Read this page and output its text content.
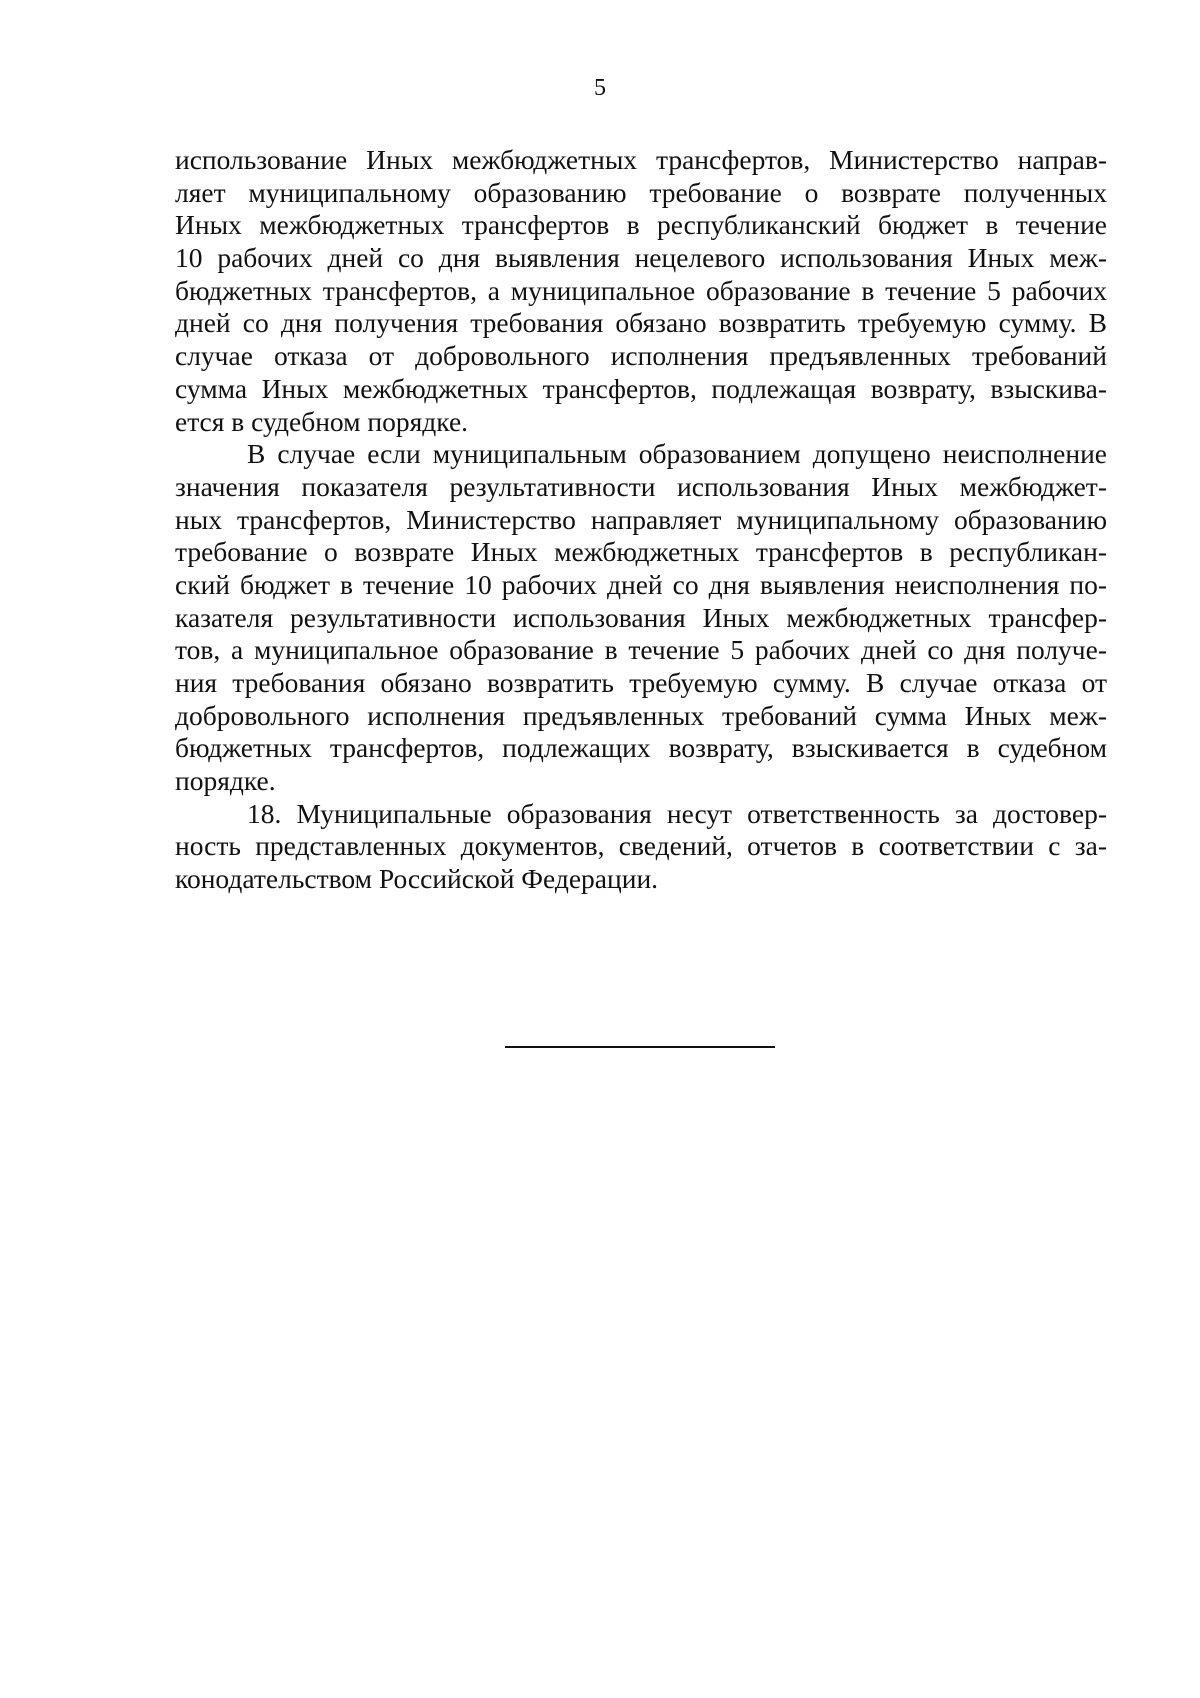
5
использование Иных межбюджетных трансфертов, Министерство направ-
ляет муниципальному образованию требование о возврате полученных
Иных межбюджетных трансфертов в республиканский бюджет в течение
10 рабочих дней со дня выявления нецелевого использования Иных меж-
бюджетных трансфертов, а муниципальное образование в течение 5 рабочих
дней со дня получения требования обязано возвратить требуемую сумму. В
случае отказа от добровольного исполнения предъявленных требований
сумма Иных межбюджетных трансфертов, подлежащая возврату, взыскива-
ется в судебном порядке.
В случае если муниципальным образованием допущено неисполнение
значения показателя результативности использования Иных межбюджет-
ных трансфертов, Министерство направляет муниципальному образованию
требование о возврате Иных межбюджетных трансфертов в республикан-
ский бюджет в течение 10 рабочих дней со дня выявления неисполнения по-
казателя результативности использования Иных межбюджетных трансфер-
тов, а муниципальное образование в течение 5 рабочих дней со дня получе-
ния требования обязано возвратить требуемую сумму. В случае отказа от
добровольного исполнения предъявленных требований сумма Иных меж-
бюджетных трансфертов, подлежащих возврату, взыскивается в судебном
порядке.
18. Муниципальные образования несут ответственность за достовер-
ность представленных документов, сведений, отчетов в соответствии с за-
конодательством Российской Федерации.
